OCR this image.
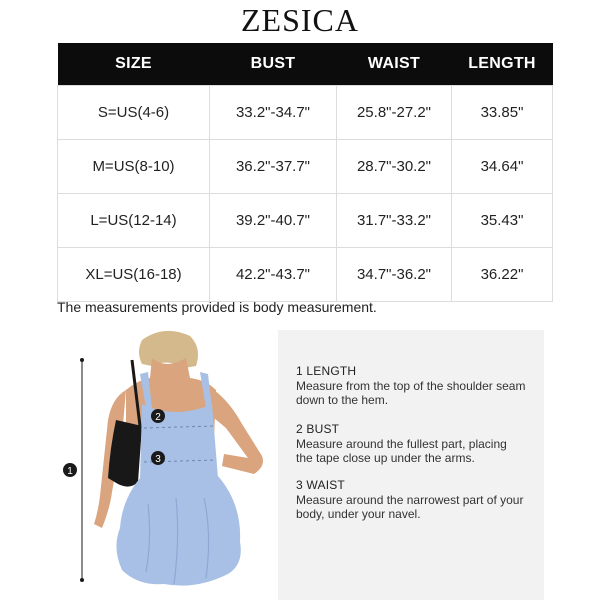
ZESICA
SIZE	BUST	WAIST	LENGTH
S=US(4-6)	33.2"-34.7"	25.8"-27.2"	33.85"
M=US(8-10)	36.2"-37.7"	28.7"-30.2"	34.64"
L=US(12-14)	39.2"-40.7"	31.7"-33.2"	35.43"
XL=US(16-18)	42.2"-43.7"	34.7"-36.2"	36.22"
The measurements provided is body measurement.
1
2
3
1 LENGTH
Measure from the top of the shoulder seam down to the hem.
2 BUST
Measure around the fullest part, placing the tape close up under the arms.
3 WAIST
Measure around the narrowest part of your body, under your navel.
